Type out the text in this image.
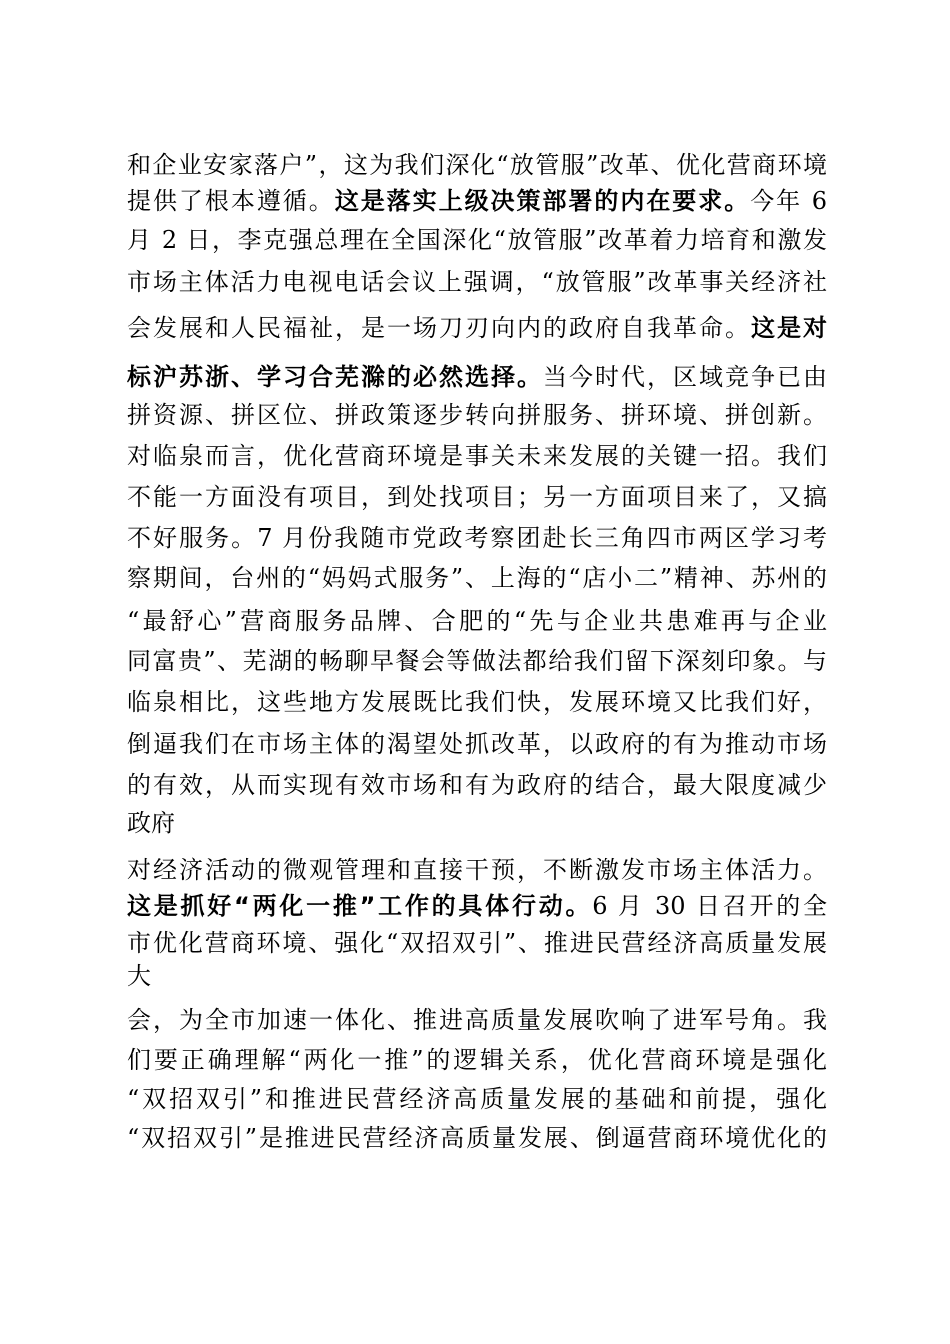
和企业安家落户”，这为我们深化“放管服”改革、优化营商环境
提供了根本遵循。这是落实上级决策部署的内在要求。今年 6
月 2 日，李克强总理在全国深化“放管服”改革着力培育和激发
市场主体活力电视电话会议上强调，“放管服”改革事关经济社
会发展和人民福祉，是一场刀刃向内的政府自我革命。这是对
标沪苏浙、学习合芜滁的必然选择。当今时代，区域竞争已由
拼资源、拼区位、拼政策逐步转向拼服务、拼环境、拼创新。
对临泉而言，优化营商环境是事关未来发展的关键一招。我们
不能一方面没有项目，到处找项目；另一方面项目来了，又搞
不好服务。7 月份我随市党政考察团赴长三角四市两区学习考
察期间，台州的“妈妈式服务”、上海的“店小二”精神、苏州的
“最舒心”营商服务品牌、合肥的“先与企业共患难再与企业
同富贵”、芜湖的畅聊早餐会等做法都给我们留下深刻印象。与
临泉相比，这些地方发展既比我们快，发展环境又比我们好，
倒逼我们在市场主体的渴望处抓改革，以政府的有为推动市场
的有效，从而实现有效市场和有为政府的结合，最大限度减少
政府
对经济活动的微观管理和直接干预，不断激发市场主体活力。
这是抓好“两化一推”工作的具体行动。6 月 30 日召开的全
市优化营商环境、强化“双招双引”、推进民营经济高质量发展
大
会，为全市加速一体化、推进高质量发展吹响了进军号角。我
们要正确理解“两化一推”的逻辑关系，优化营商环境是强化
“双招双引”和推进民营经济高质量发展的基础和前提，强化
“双招双引”是推进民营经济高质量发展、倒逼营商环境优化的
